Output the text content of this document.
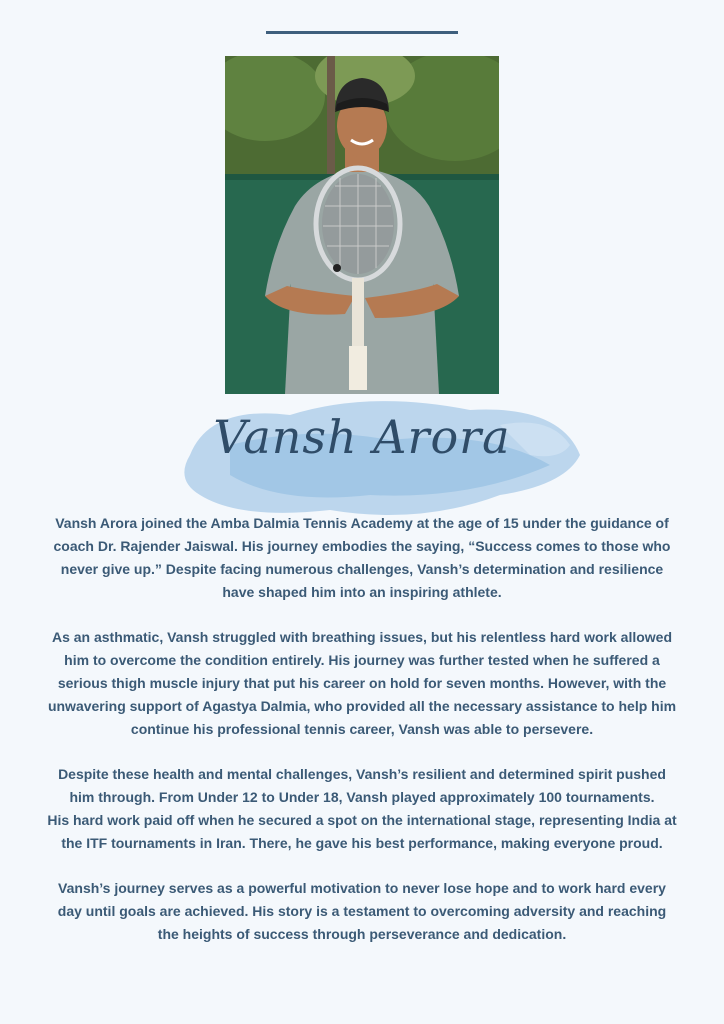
Vansh Arora

Vansh Arora joined the Amba Dalmia Tennis Academy at the age of 15 under the guidance of
coach Dr. Rajender Jaiswal. His journey embodies the saying, “Success comes to those who
never give up.” Despite facing numerous challenges, Vansh’s determination and resilience
have shaped him into an inspiring athlete.

As an asthmatic, Vansh struggled with breathing issues, but his relentless hard work allowed
him to overcome the condition entirely. His journey was further tested when he suffered a
serious thigh muscle injury that put his career on hold for seven months. However, with the
unwavering support of Agastya Dalmia, who provided all the necessary assistance to help him
continue his professional tennis career, Vansh was able to persevere.

Despite these health and mental challenges, Vansh’s resilient and determined spirit pushed
him through. From Under 12 to Under 18, Vansh played approximately 100 tournaments.
His hard work paid off when he secured a spot on the international stage, representing India at
the ITF tournaments in Iran. There, he gave his best performance, making everyone proud.

Vansh’s journey serves as a powerful motivation to never lose hope and to work hard every
day until goals are achieved. His story is a testament to overcoming adversity and reaching
the heights of success through perseverance and dedication.
